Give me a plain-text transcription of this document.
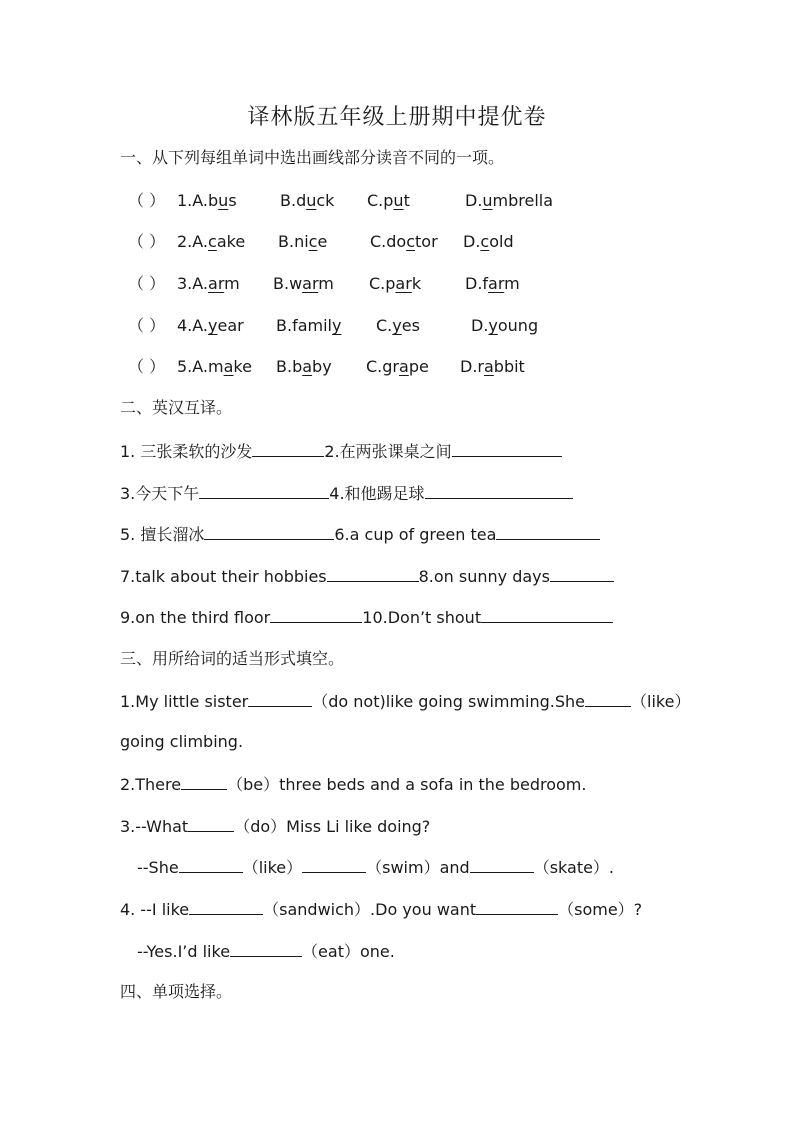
译林版五年级上册期中提优卷
一、从下列每组单词中选出画线部分读音不同的一项。
（ ） 1.A.bus	B.duck C.put	D.umbrella
（ ） 2.A.cake B.nice	C.doctor D.cold
（ ） 3.A.arm B.warm C.park	D.farm
（ ） 4.A.year B.family C.yes	D.young
（ ） 5.A.make B.baby C.grape D.rabbit
二、英汉互译。
1. 三张柔软的沙发	2.在两张课桌之间
3.今天下午	4.和他踢足球
5. 擅长溜冰	6.a cup of green tea
7.talk about their hobbies	8.on sunny days
9.on the third floor	10.Don’t shout
三、用所给词的适当形式填空。
1.My little sister	（do not)like going swimming.She	（like）
going climbing.
2.There	（be）three beds and a sofa in the bedroom.
3.--What	（do）Miss Li like doing?
--She	（like）	（swim）and	（skate）.
4. --I like	（sandwich）.Do you want	（some）?
--Yes.I’d like	（eat）one.
四、单项选择。
